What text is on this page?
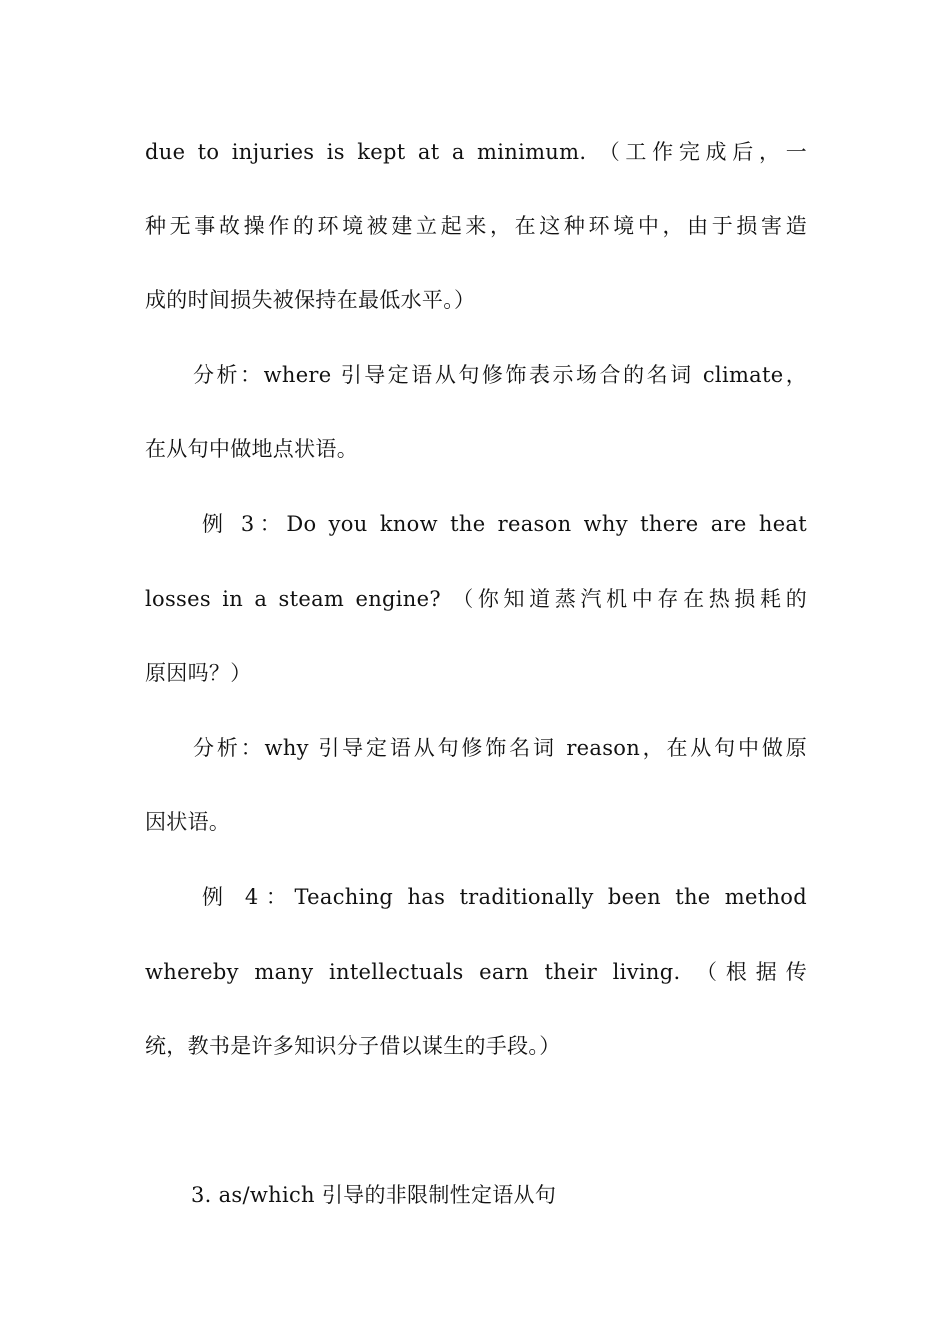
due to injuries is kept at a minimum. （工作完成后，一
种无事故操作的环境被建立起来，在这种环境中，由于损害造
成的时间损失被保持在最低水平。）
分析：where 引导定语从句修饰表示场合的名词 climate，
在从句中做地点状语。
例 3：Do you know the reason why there are heat
losses in a steam engine? （你知道蒸汽机中存在热损耗的
原因吗？）
分析：why 引导定语从句修饰名词 reason，在从句中做原
因状语。
例 4：Teaching has traditionally been the method
whereby many intellectuals earn their living. （根据传
统，教书是许多知识分子借以谋生的手段。）
3. as/which 引导的非限制性定语从句
